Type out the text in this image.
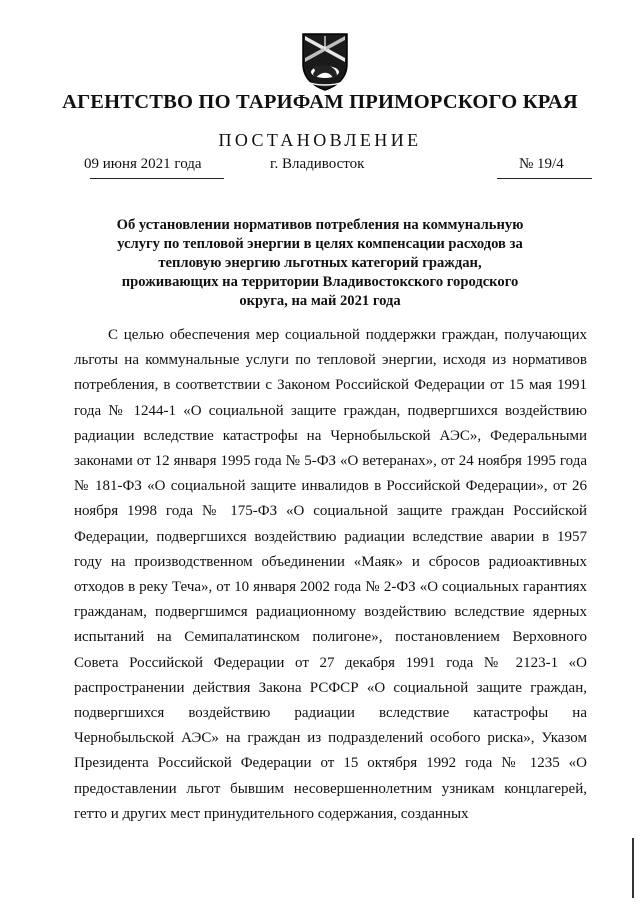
АГЕНТСТВО ПО ТАРИФАМ ПРИМОРСКОГО КРАЯ
ПОСТАНОВЛЕНИЕ
09 июня 2021 года	г. Владивосток	№ 19/4
Об установлении нормативов потребления на коммунальную услугу по тепловой энергии в целях компенсации расходов за тепловую энергию льготных категорий граждан, проживающих на территории Владивостокского городского округа, на май 2021 года

С целью обеспечения мер социальной поддержки граждан, получающих льготы на коммунальные услуги по тепловой энергии, исходя из нормативов потребления, в соответствии с Законом Российской Федерации от 15 мая 1991 года № 1244-1 «О социальной защите граждан, подвергшихся воздействию радиации вследствие катастрофы на Чернобыльской АЭС», Федеральными законами от 12 января 1995 года № 5-ФЗ «О ветеранах», от 24 ноября 1995 года № 181-ФЗ «О социальной защите инвалидов в Российской Федерации», от 26 ноября 1998 года № 175-ФЗ «О социальной защите граждан Российской Федерации, подвергшихся воздействию радиации вследствие аварии в 1957 году на производственном объединении «Маяк» и сбросов радиоактивных отходов в реку Теча», от 10 января 2002 года № 2-ФЗ «О социальных гарантиях гражданам, подвергшимся радиационному воздействию вследствие ядерных испытаний на Семипалатинском полигоне», постановлением Верховного Совета Российской Федерации от 27 декабря 1991 года № 2123-1 «О распространении действия Закона РСФСР «О социальной защите граждан, подвергшихся воздействию радиации вследствие катастрофы на Чернобыльской АЭС» на граждан из подразделений особого риска», Указом Президента Российской Федерации от 15 октября 1992 года № 1235 «О предоставлении льгот бывшим несовершеннолетним узникам концлагерей, гетто и других мест принудительного содержания, созданных
